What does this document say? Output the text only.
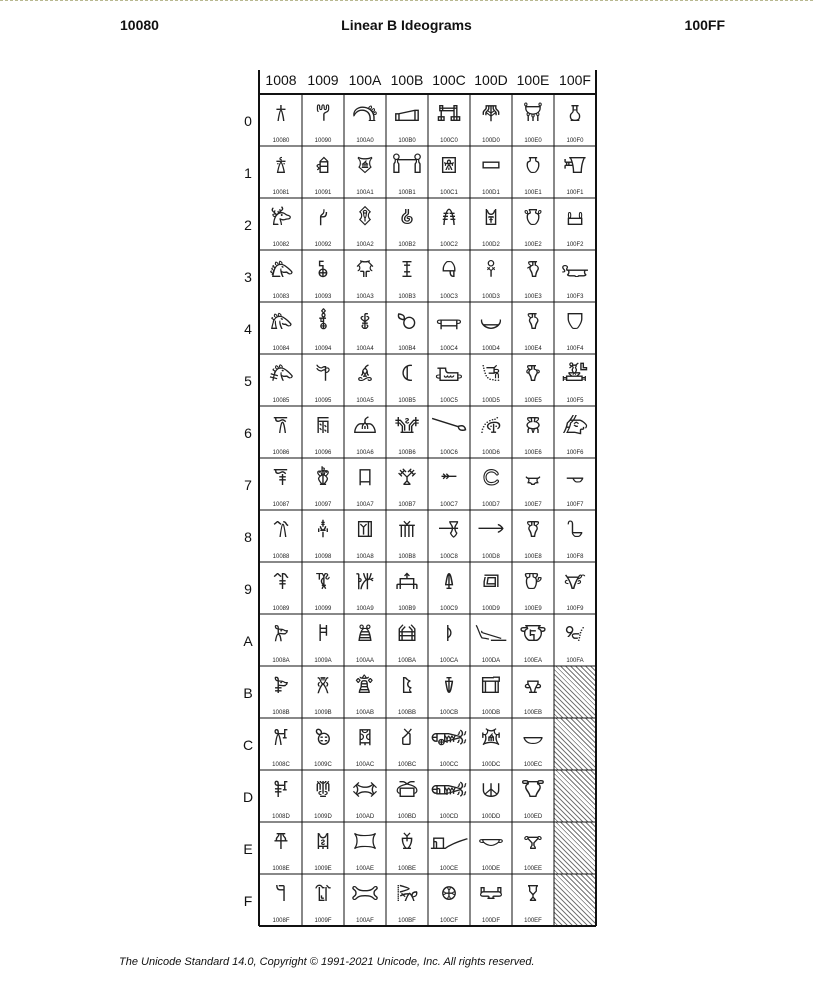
10080	Linear B Ideograms	100FF
1008 1009 100A 100B 100C 100D 100E 100F
𐂀
10080
𐂁
10081
𐂂
10082
𐂃
10083
𐂄
10084
𐂅
10085
𐂆
10086
𐂇
10087
𐂈
10088
𐂉
10089
𐂊
1008A
𐂋
1008B
𐂌
1008C
𐂍
1008D
𐂎
1008E
𐂏
1008F
𐂐
10090
𐂑
10091
𐂒
10092
𐂓
10093
𐂔
10094
𐂕
10095
𐂖
10096
𐂗
10097
𐂘
10098
𐂙
10099
𐂚
1009A
𐂛
1009B
𐂜
1009C
𐂝
1009D
𐂞
1009E
𐂟
1009F
𐂠
100A0
𐂡
100A1
𐂢
100A2
𐂣
100A3
𐂤
100A4
𐂥
100A5
𐂦
100A6
𐂧
100A7
𐂨
100A8
𐂩
100A9
𐂪
100AA
𐂫
100AB
𐂬
100AC
𐂭
100AD
𐂮
100AE
𐂯
100AF
𐂰
100B0
𐂱
100B1
𐂲
100B2
𐂳
100B3
𐂴
100B4
𐂵
100B5
𐂶
100B6
𐂷
100B7
𐂸
100B8
𐂹
100B9
𐂺
100BA
𐂻
100BB
𐂼
100BC
𐂽
100BD
𐂾
100BE
𐂿
100BF
𐃀
100C0
𐃁
100C1
𐃂
100C2
𐃃
100C3
𐃄
100C4
𐃅
100C5
𐃆
100C6
𐃇
100C7
𐃈
100C8
𐃉
100C9
𐃊
100CA
𐃋
100CB
𐃌
100CC
𐃍
100CD
𐃎
100CE
𐃏
100CF
𐃐
100D0
𐃑
100D1
𐃒
100D2
𐃓
100D3
𐃔
100D4
𐃕
100D5
𐃖
100D6
𐃗
100D7
𐃘
100D8
𐃙
100D9
𐃚
100DA
𐃛
100DB
𐃜
100DC
𐃝
100DD
𐃞
100DE
𐃟
100DF
𐃠
100E0
𐃡
100E1
𐃢
100E2
𐃣
100E3
𐃤
100E4
𐃥
100E5
𐃦
100E6
𐃧
100E7
𐃨
100E8
𐃩
100E9
𐃪
100EA
𐃫
100EB
𐃬
100EC
𐃭
100ED
𐃮
100EE
𐃯
100EF
𐃰
100F0
𐃱
100F1
𐃲
100F2
𐃳
100F3
𐃴
100F4
𐃵
100F5
𐃶
100F6
𐃷
100F7
𐃸
100F8
𐃹
100F9
𐃺
100FA
0
1
2
3
4
5
6
7
8
9
A
B
C
D
E
F
The Unicode Standard 14.0, Copyright © 1991-2021 Unicode, Inc. All rights reserved.
